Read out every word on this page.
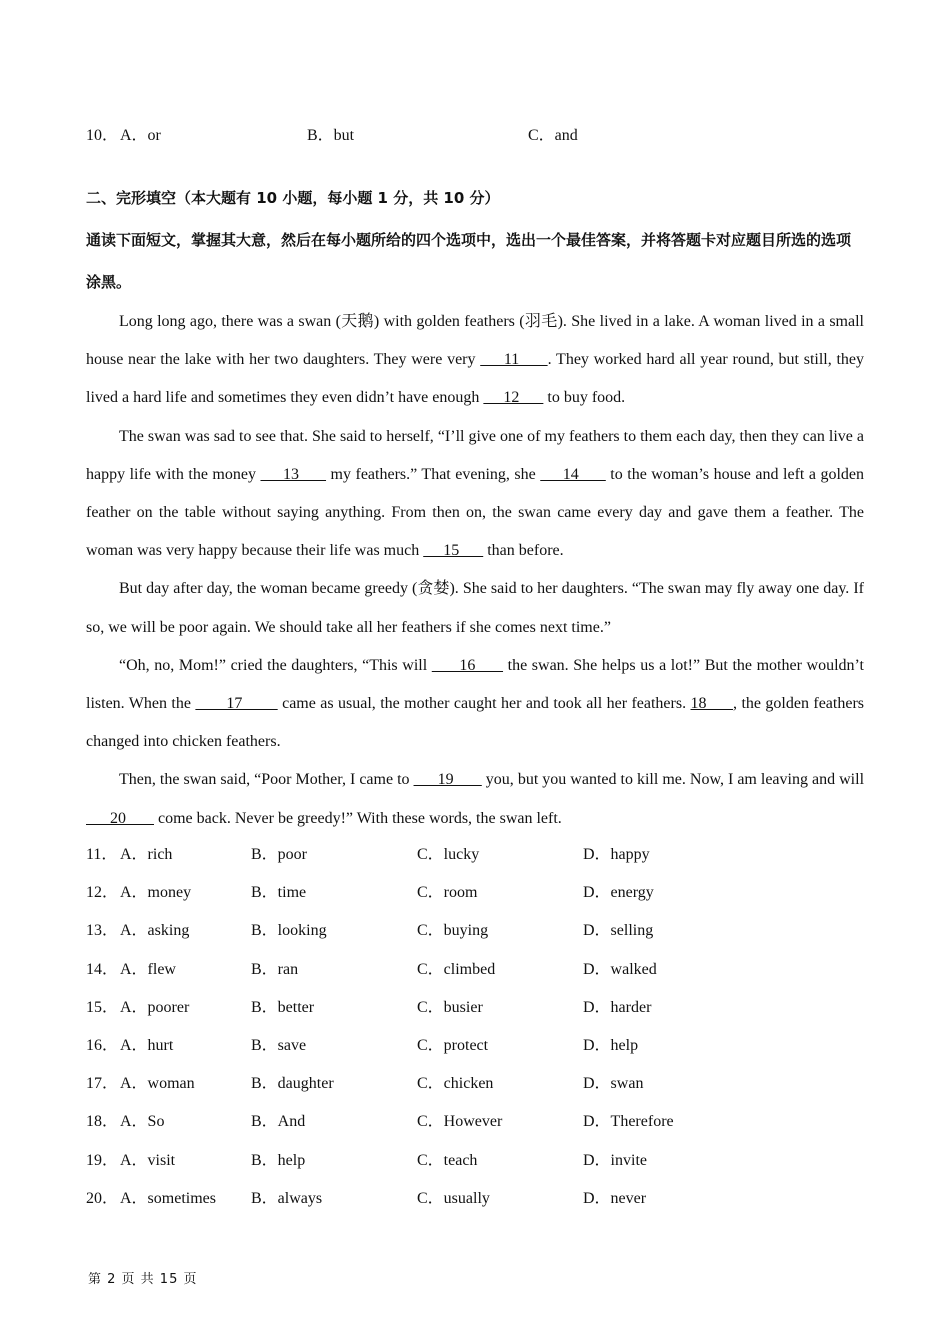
10． A．or	B．but	C．and
二、完形填空（本大题有 10 小题，每小题 1 分，共 10 分）
通读下面短文，掌握其大意，然后在每小题所给的四个选项中，选出一个最佳答案，并将答题卡对应题目所选的选项涂黑。

Long long ago, there was a swan (天鹅) with golden feathers (羽毛). She lived in a lake. A woman lived in a small house near the lake with her two daughters. They were very      11      . They worked hard all year round, but still, they lived a hard life and sometimes they even didn’t have enough      12       to buy food.

The swan was sad to see that. She said to herself, “I’ll give one of my feathers to them each day, then they can live a happy life with the money      13       my feathers.” That evening, she      14       to the woman’s house and left a golden feather on the table without saying anything. From then on, the swan came every day and gave them a feather. The woman was very happy because their life was much      15       than before.

But day after day, the woman became greedy (贪婪). She said to her daughters. “The swan may fly away one day. If so, we will be poor again. We should take all her feathers if she comes next time.”

“Oh, no, Mom!” cried the daughters, “This will       16       the swan. She helps us a lot!” But the mother wouldn’t listen. When the        17         came as usual, the mother caught her and took all her feathers. 18      , the golden feathers changed into chicken feathers.

Then, the swan said, “Poor Mother, I came to       19        you, but you wanted to kill me. Now, I am leaving and will       20        come back. Never be greedy!” With these words, the swan left.

11． A．rich	B．poor	C．lucky	D．happy
12． A．money	B．time	C．room	D．energy
13． A．asking	B．looking	C．buying	D．selling
14． A．flew	B．ran	C．climbed	D．walked
15． A．poorer	B．better	C．busier	D．harder
16． A．hurt	B．save	C．protect	D．help
17． A．woman	B．daughter	C．chicken	D．swan
18． A．So	B．And	C．However	D．Therefore
19． A．visit	B．help	C．teach	D．invite
20． A．sometimes B．always	C．usually	D．never
第 2 页 共 15 页
